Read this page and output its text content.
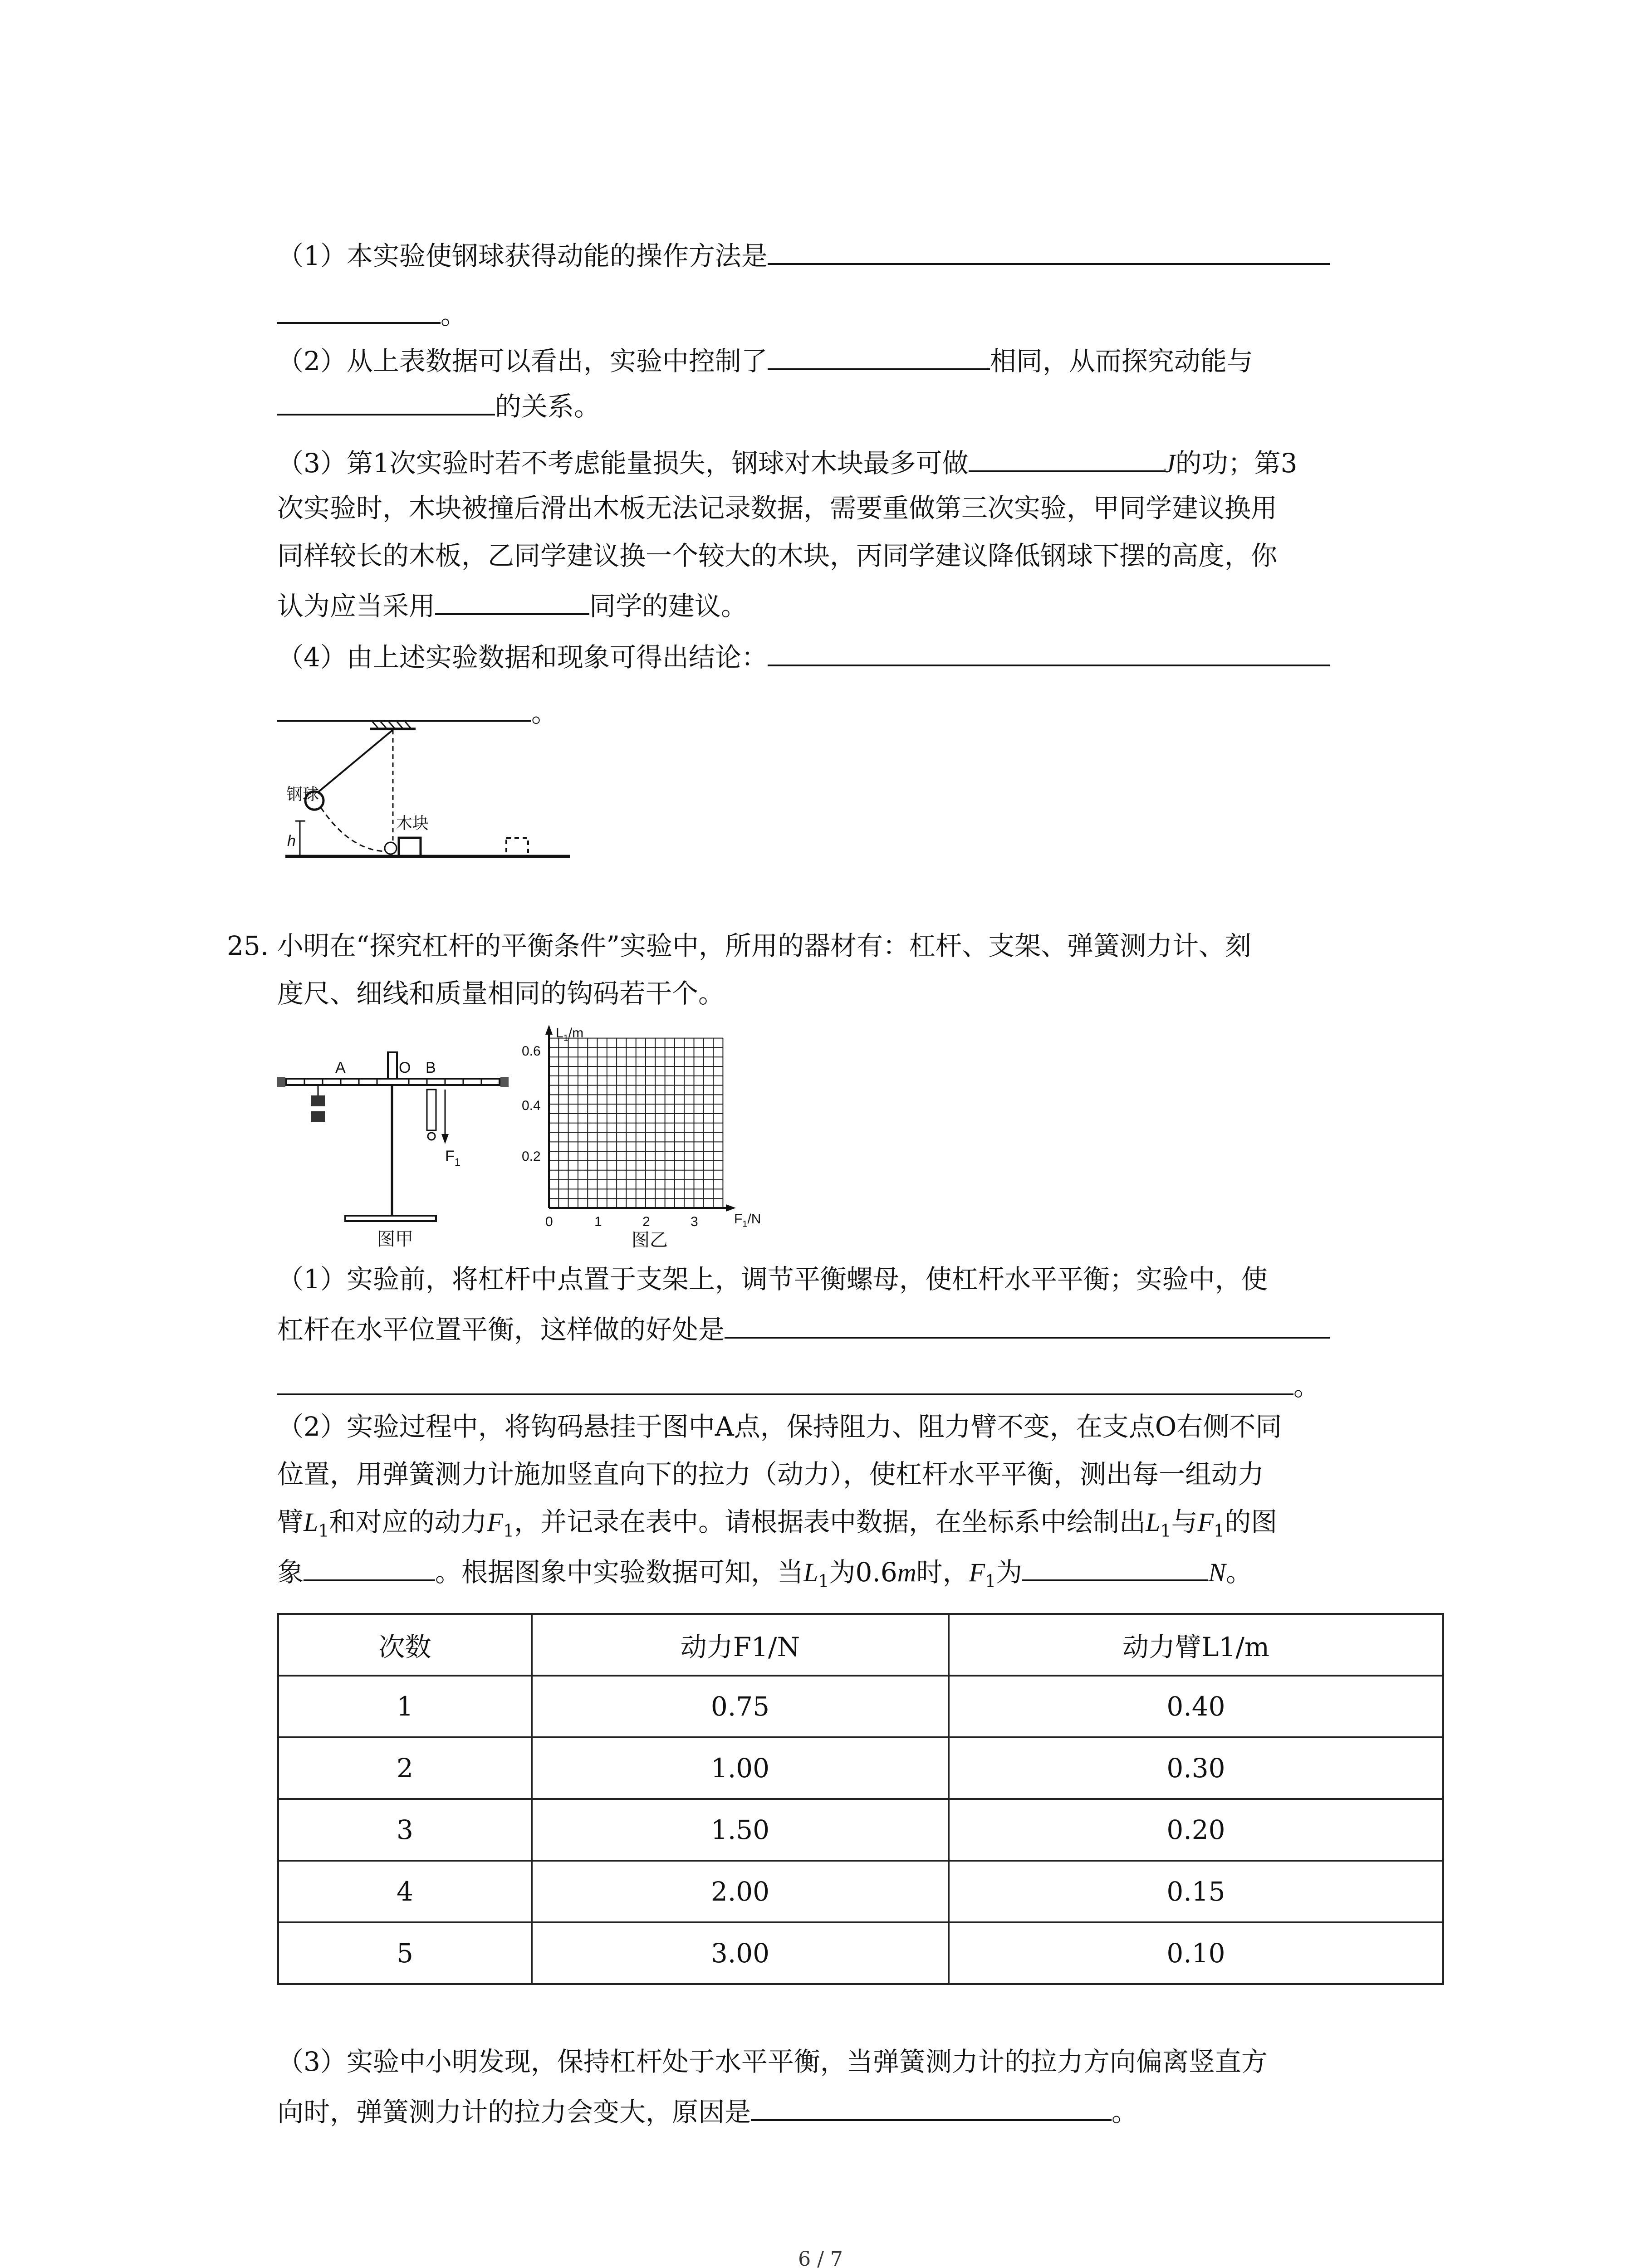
（1）本实验使钢球获得动能的操作方法是
。
（2）从上表数据可以看出，实验中控制了	相同，从而探究动能与
的关系。
（3）第1次实验时若不考虑能量损失，钢球对木块最多可做	J的功；第3
次实验时，木块被撞后滑出木板无法记录数据，需要重做第三次实验，甲同学建议换用
同样较长的木板，乙同学建议换一个较大的木块，丙同学建议降低钢球下摆的高度，你
认为应当采用	同学的建议。
（4）由上述实验数据和现象可得出结论：
。
钢球
木块
h
25. 小明在“探究杠杆的平衡条件”实验中，所用的器材有：杠杆、支架、弹簧测力计、刻
度尺、细线和质量相同的钩码若干个。
A	O B
$F_1$
图甲
$L_1/m$
$F_1/N$
0.6
0.4
0.2
0	1	2	3
图乙
（1）实验前，将杠杆中点置于支架上，调节平衡螺母，使杠杆水平平衡；实验中，使
杠杆在水平位置平衡，这样做的好处是
。
（2）实验过程中，将钩码悬挂于图中A点，保持阻力、阻力臂不变，在支点O右侧不同
位置，用弹簧测力计施加竖直向下的拉力（动力），使杠杆水平平衡，测出每一组动力
臂$L_1$和对应的动力$F_1$，并记录在表中。请根据表中数据，在坐标系中绘制出$L_1$与$F_1$的图
象	。根据图象中实验数据可知，当$L_1$为0.6m时，$F_1$为	N。
次数	动力F1/N	动力臂L1/m
1	0.75	0.40
2	1.00	0.30
3	1.50	0.20
4	2.00	0.15
5	3.00	0.10
（3）实验中小明发现，保持杠杆处于水平平衡，当弹簧测力计的拉力方向偏离竖直方
向时，弹簧测力计的拉力会变大，原因是	。
6 / 7
